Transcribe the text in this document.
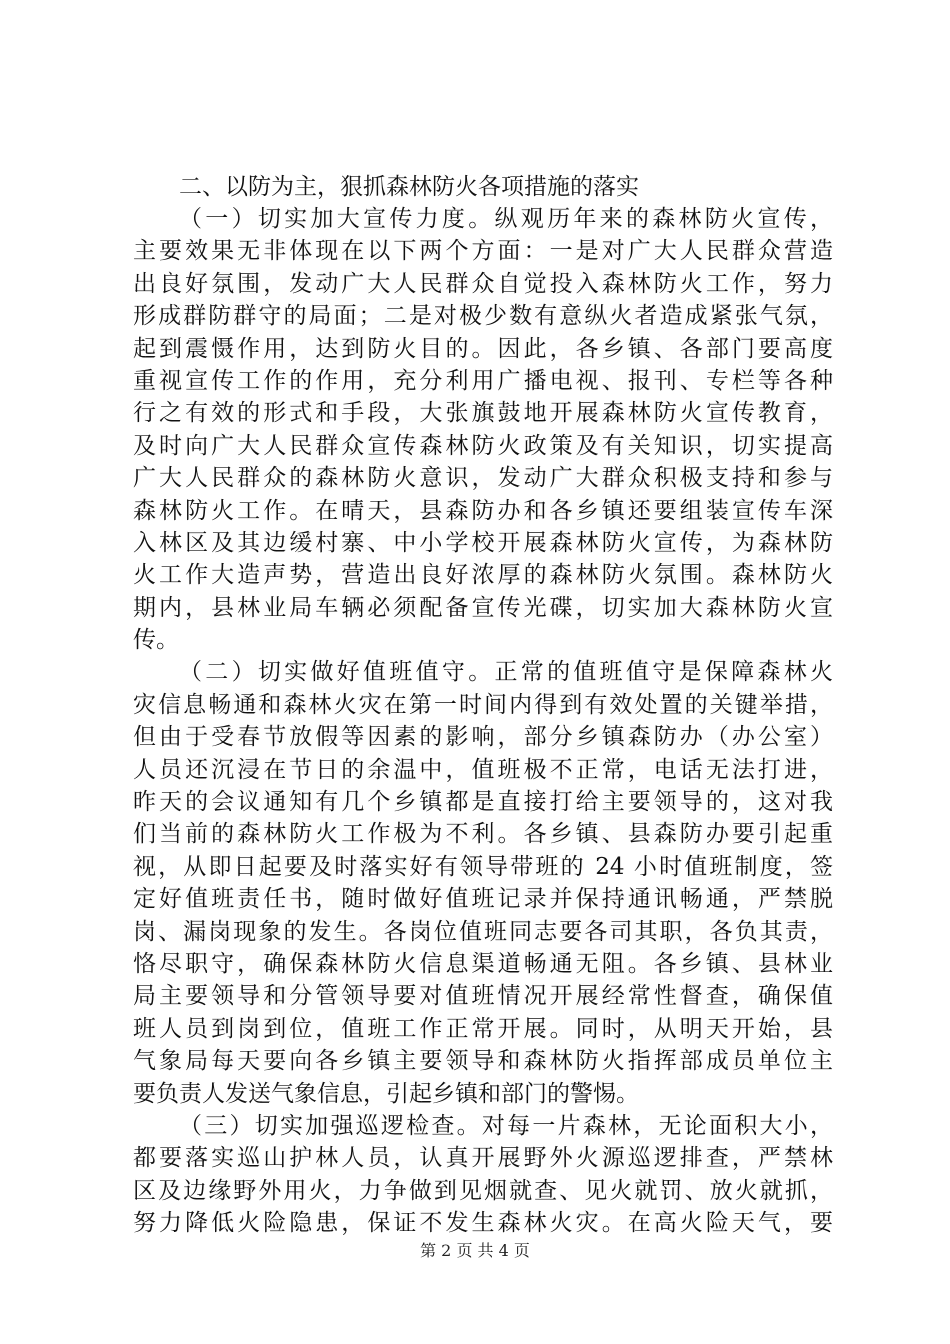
二、以防为主，狠抓森林防火各项措施的落实
（一）切实加大宣传力度。纵观历年来的森林防火宣传，
主要效果无非体现在以下两个方面：一是对广大人民群众营造
出良好氛围，发动广大人民群众自觉投入森林防火工作，努力
形成群防群守的局面；二是对极少数有意纵火者造成紧张气氛，
起到震慑作用，达到防火目的。因此，各乡镇、各部门要高度
重视宣传工作的作用，充分利用广播电视、报刊、专栏等各种
行之有效的形式和手段，大张旗鼓地开展森林防火宣传教育，
及时向广大人民群众宣传森林防火政策及有关知识，切实提高
广大人民群众的森林防火意识，发动广大群众积极支持和参与
森林防火工作。在晴天，县森防办和各乡镇还要组装宣传车深
入林区及其边缓村寨、中小学校开展森林防火宣传，为森林防
火工作大造声势，营造出良好浓厚的森林防火氛围。森林防火
期内，县林业局车辆必须配备宣传光碟，切实加大森林防火宣
传。
（二）切实做好值班值守。正常的值班值守是保障森林火
灾信息畅通和森林火灾在第一时间内得到有效处置的关键举措，
但由于受春节放假等因素的影响，部分乡镇森防办（办公室）
人员还沉浸在节日的余温中，值班极不正常，电话无法打进，
昨天的会议通知有几个乡镇都是直接打给主要领导的，这对我
们当前的森林防火工作极为不利。各乡镇、县森防办要引起重
视，从即日起要及时落实好有领导带班的 24 小时值班制度，签
定好值班责任书，随时做好值班记录并保持通讯畅通，严禁脱
岗、漏岗现象的发生。各岗位值班同志要各司其职，各负其责，
恪尽职守，确保森林防火信息渠道畅通无阻。各乡镇、县林业
局主要领导和分管领导要对值班情况开展经常性督查，确保值
班人员到岗到位，值班工作正常开展。同时，从明天开始，县
气象局每天要向各乡镇主要领导和森林防火指挥部成员单位主
要负责人发送气象信息，引起乡镇和部门的警惕。
（三）切实加强巡逻检查。对每一片森林，无论面积大小，
都要落实巡山护林人员，认真开展野外火源巡逻排查，严禁林
区及边缘野外用火，力争做到见烟就查、见火就罚、放火就抓，
努力降低火险隐患，保证不发生森林火灾。在高火险天气，要
第 2 页 共 4 页
